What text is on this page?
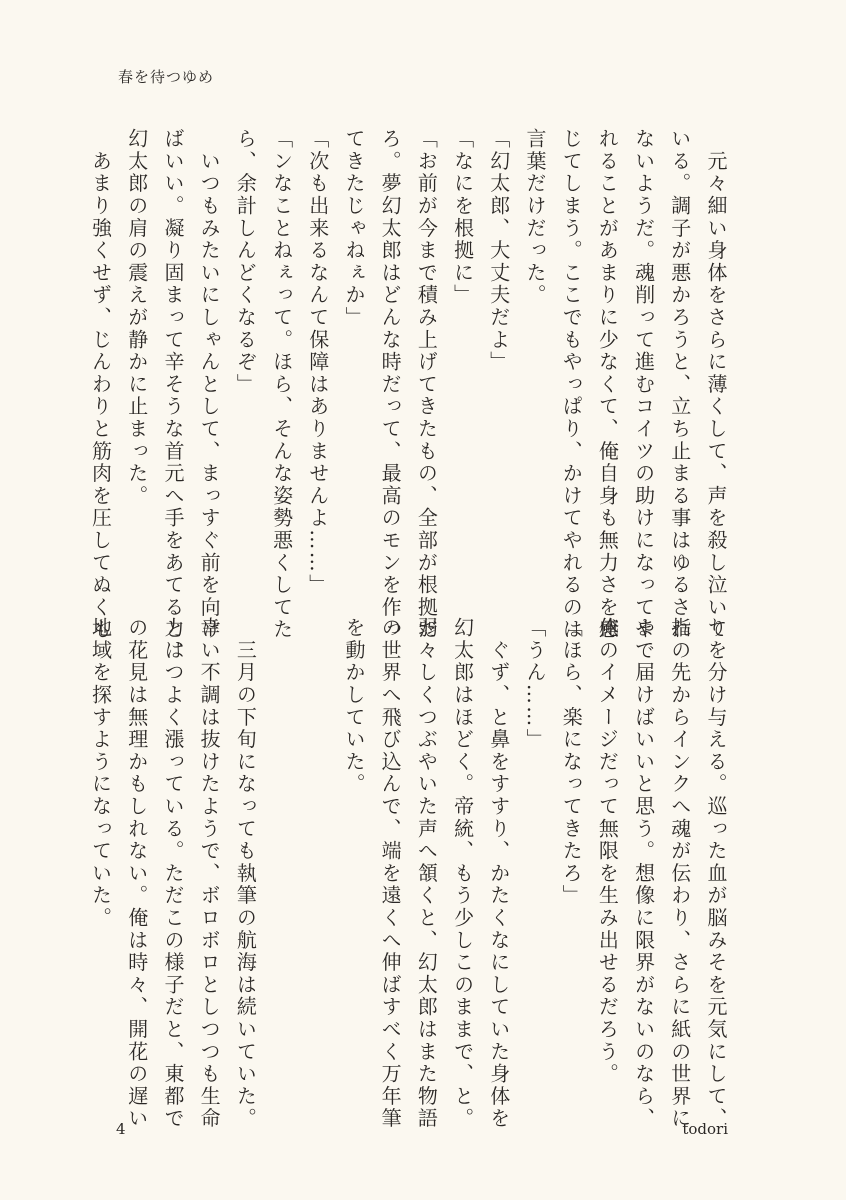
春を待つゆめ
　元々細い身体をさらに薄くして、声を殺し泣いて
いる。調子が悪かろうと、立ち止まる事はゆるされ
ないようだ。魂削って進むコイツの助けになってや
れることがあまりに少なくて、俺自身も無力さを感
じてしまう。ここでもやっぱり、かけてやれるのは
言葉だけだった。
「幻太郎、大丈夫だよ」
「なにを根拠に」
「お前が今まで積み上げてきたもの、全部が根拠だ
ろ。夢幻太郎はどんな時だって、最高のモンを作っ
てきたじゃねぇか」
「次も出来るなんて保障はありませんよ……」
「ンなことねぇって。ほら、そんな姿勢悪くしてた
ら、余計しんどくなるぞ」
　いつもみたいにしゃんとして、まっすぐ前を向け
ばいい。凝り固まって辛そうな首元へ手をあてると、
幻太郎の肩の震えが静かに止まった。
　あまり強くせず、じんわりと筋肉を圧してぬくも
りを分け与える。巡った血が脳みそを元気にして、
指の先からインクへ魂が伝わり、さらに紙の世界に
まで届けばいいと思う。想像に限界がないのなら、
俺のイメージだって無限を生み出せるだろう。
「ほら、楽になってきたろ」
「うん……」
　ぐず、と鼻をすすり、かたくなにしていた身体を
幻太郎はほどく。帝統、もう少しこのままで、と。
弱々しくつぶやいた声へ頷くと、幻太郎はまた物語
の世界へ飛び込んで、端を遠くへ伸ばすべく万年筆
を動かしていた。

　三月の下旬になっても執筆の航海は続いていた。
幸い不調は抜けたようで、ボロボロとしつつも生命
力はつよく漲っている。ただこの様子だと、東都で
の花見は無理かもしれない。俺は時々、開花の遅い
地域を探すようになっていた。
4	todori
